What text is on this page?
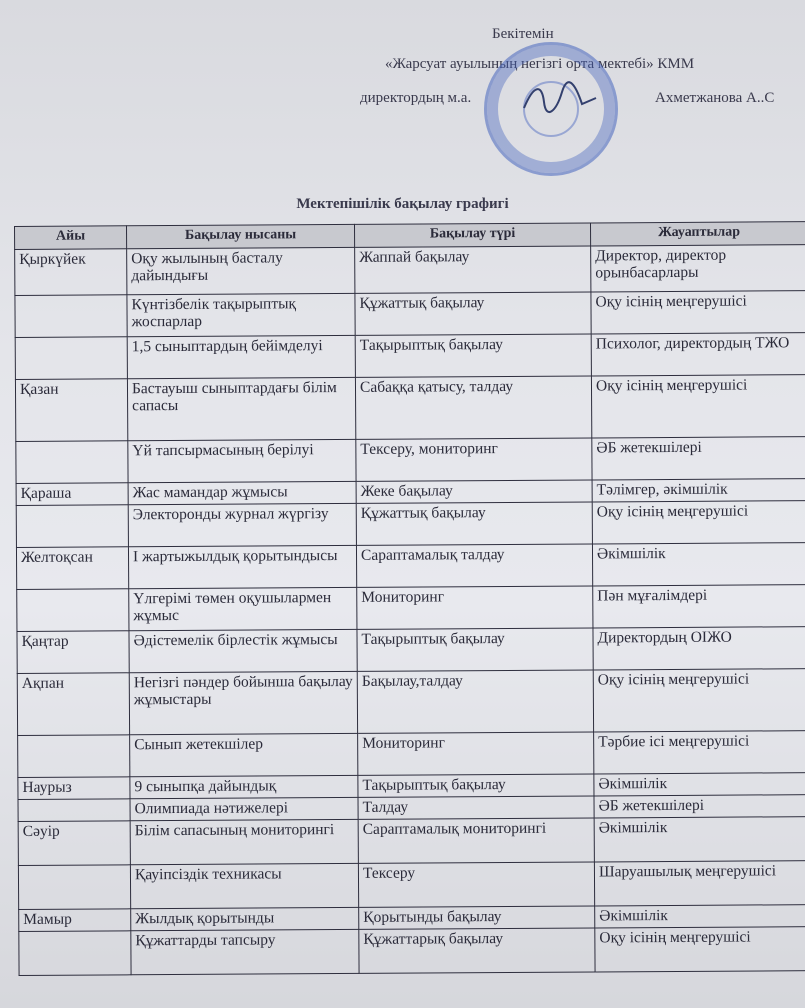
Бекітемін
«Жарсуат ауылының негізгі орта мектебі» КММ
директордың м.а.	Ахметжанова А..С
Мектепішілік бақылау графигі
Айы	Бақылау нысаны	Бақылау түрі	Жауаптылар
Қыркүйек	Оқу жылының басталу дайындығы	Жаппай бақылау	Директор, директор орынбасарлары
	Күнтізбелік тақырыптық жоспарлар	Құжаттық бақылау	Оқу ісінің меңгерушісі
	1,5 сыныптардың бейімделуі	Тақырыптық бақылау	Психолог, директордың ТЖО
Қазан	Бастауыш сыныптардағы білім сапасы	Сабаққа қатысу, талдау	Оқу ісінің меңгерушісі
	Үй тапсырмасының берілуі	Тексеру, мониторинг	ӘБ жетекшілері
Қараша	Жас мамандар жұмысы	Жеке бақылау	Тәлімгер, әкімшілік
	Электоронды журнал жүргізу	Құжаттық бақылау	Оқу ісінің меңгерушісі
Желтоқсан	І жартыжылдық қорытындысы	Сараптамалық талдау	Әкімшілік
	Үлгерімі төмен оқушылармен жұмыс	Мониторинг	Пән мұғалімдері
Қаңтар	Әдістемелік бірлестік жұмысы	Тақырыптық бақылау	Директордың ОІЖО
Ақпан	Негізгі пәндер бойынша бақылау жұмыстары	Бақылау,талдау	Оқу ісінің меңгерушісі
	Сынып жетекшілер	Мониторинг	Тәрбие ісі меңгерушісі
Наурыз	9 сыныпқа дайындық	Тақырыптық бақылау	Әкімшілік
	Олимпиада нәтижелері	Талдау	ӘБ жетекшілері
Сәуір	Білім сапасының мониторингі	Сараптамалық мониторингі	Әкімшілік
	Қауіпсіздік техникасы	Тексеру	Шаруашылық меңгерушісі
Мамыр	Жылдық қорытынды	Қорытынды бақылау	Әкімшілік
	Құжаттарды тапсыру	Құжаттарық бақылау	Оқу ісінің меңгерушісі
